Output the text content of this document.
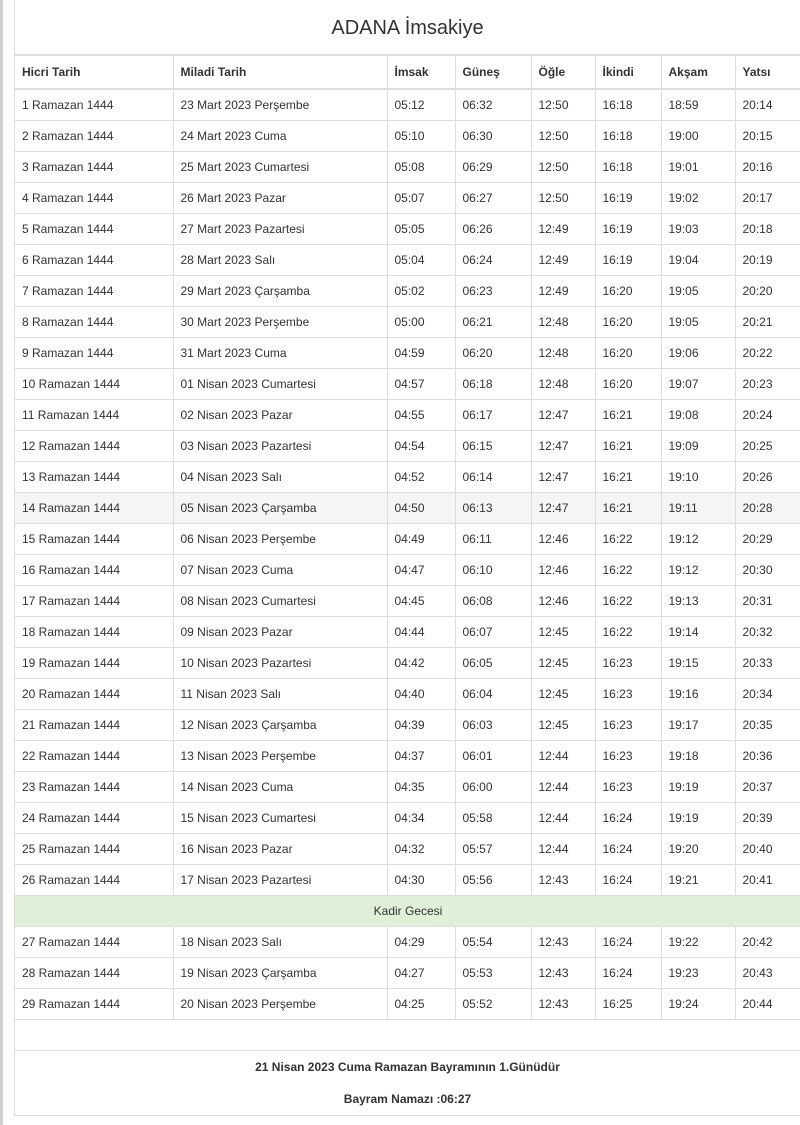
ADANA İmsakiye
Hicri Tarih	Miladi Tarih	İmsak	Güneş	Öğle	İkindi	Akşam	Yatsı
1 Ramazan 1444	23 Mart 2023 Perşembe	05:12	06:32	12:50	16:18	18:59	20:14
2 Ramazan 1444	24 Mart 2023 Cuma	05:10	06:30	12:50	16:18	19:00	20:15
3 Ramazan 1444	25 Mart 2023 Cumartesi	05:08	06:29	12:50	16:18	19:01	20:16
4 Ramazan 1444	26 Mart 2023 Pazar	05:07	06:27	12:50	16:19	19:02	20:17
5 Ramazan 1444	27 Mart 2023 Pazartesi	05:05	06:26	12:49	16:19	19:03	20:18
6 Ramazan 1444	28 Mart 2023 Salı	05:04	06:24	12:49	16:19	19:04	20:19
7 Ramazan 1444	29 Mart 2023 Çarşamba	05:02	06:23	12:49	16:20	19:05	20:20
8 Ramazan 1444	30 Mart 2023 Perşembe	05:00	06:21	12:48	16:20	19:05	20:21
9 Ramazan 1444	31 Mart 2023 Cuma	04:59	06:20	12:48	16:20	19:06	20:22
10 Ramazan 1444	01 Nisan 2023 Cumartesi	04:57	06:18	12:48	16:20	19:07	20:23
11 Ramazan 1444	02 Nisan 2023 Pazar	04:55	06:17	12:47	16:21	19:08	20:24
12 Ramazan 1444	03 Nisan 2023 Pazartesi	04:54	06:15	12:47	16:21	19:09	20:25
13 Ramazan 1444	04 Nisan 2023 Salı	04:52	06:14	12:47	16:21	19:10	20:26
14 Ramazan 1444	05 Nisan 2023 Çarşamba	04:50	06:13	12:47	16:21	19:11	20:28
15 Ramazan 1444	06 Nisan 2023 Perşembe	04:49	06:11	12:46	16:22	19:12	20:29
16 Ramazan 1444	07 Nisan 2023 Cuma	04:47	06:10	12:46	16:22	19:12	20:30
17 Ramazan 1444	08 Nisan 2023 Cumartesi	04:45	06:08	12:46	16:22	19:13	20:31
18 Ramazan 1444	09 Nisan 2023 Pazar	04:44	06:07	12:45	16:22	19:14	20:32
19 Ramazan 1444	10 Nisan 2023 Pazartesi	04:42	06:05	12:45	16:23	19:15	20:33
20 Ramazan 1444	11 Nisan 2023 Salı	04:40	06:04	12:45	16:23	19:16	20:34
21 Ramazan 1444	12 Nisan 2023 Çarşamba	04:39	06:03	12:45	16:23	19:17	20:35
22 Ramazan 1444	13 Nisan 2023 Perşembe	04:37	06:01	12:44	16:23	19:18	20:36
23 Ramazan 1444	14 Nisan 2023 Cuma	04:35	06:00	12:44	16:23	19:19	20:37
24 Ramazan 1444	15 Nisan 2023 Cumartesi	04:34	05:58	12:44	16:24	19:19	20:39
25 Ramazan 1444	16 Nisan 2023 Pazar	04:32	05:57	12:44	16:24	19:20	20:40
26 Ramazan 1444	17 Nisan 2023 Pazartesi	04:30	05:56	12:43	16:24	19:21	20:41
Kadir Gecesi							
27 Ramazan 1444	18 Nisan 2023 Salı	04:29	05:54	12:43	16:24	19:22	20:42
28 Ramazan 1444	19 Nisan 2023 Çarşamba	04:27	05:53	12:43	16:24	19:23	20:43
29 Ramazan 1444	20 Nisan 2023 Perşembe	04:25	05:52	12:43	16:25	19:24	20:44
21 Nisan 2023 Cuma Ramazan Bayramının 1.Günüdür
Bayram Namazı :06:27
